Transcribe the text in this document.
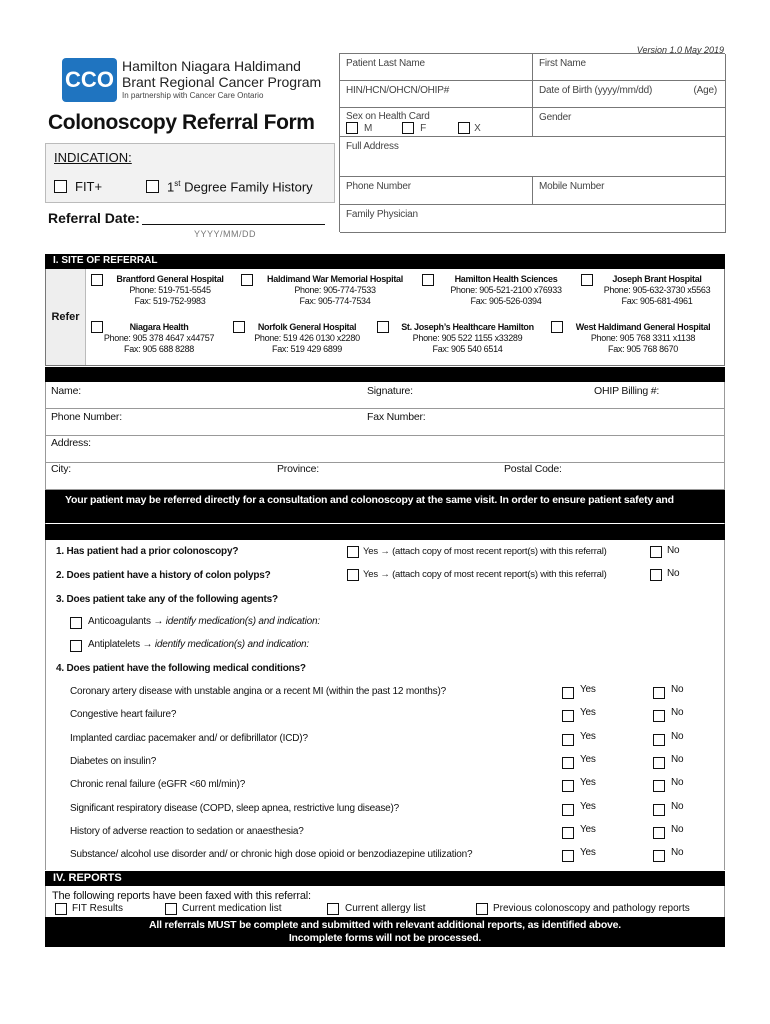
Version 1.0 May 2019
CCO
Hamilton Niagara Haldimand
Brant Regional Cancer Program
In partnership with Cancer Care Ontario
Colonoscopy Referral Form
INDICATION:
FIT+	1st Degree Family History
Referral Date:
YYYY/MM/DD
Patient Last Name	First Name
HIN/HCN/OHCN/OHIP#	Date of Birth (yyyy/mm/dd)	(Age)
Sex on Health Card
M	F	X
Gender
Full Address
Phone Number	Mobile Number
Family Physician
I. SITE OF REFERRAL
Refer
Brantford General Hospital
Phone: 519-751-5545
Fax: 519-752-9983
Haldimand War Memorial Hospital
Phone: 905-774-7533
Fax: 905-774-7534
Hamilton Health Sciences
Phone: 905-521-2100 x76933
Fax: 905-526-0394
Joseph Brant Hospital
Phone: 905-632-3730 x5563
Fax: 905-681-4961
Niagara Health
Phone: 905 378 4647 x44757
Fax: 905 688 8288
Norfolk General Hospital
Phone: 519 426 0130 x2280
Fax: 519 429 6899
St. Joseph’s Healthcare Hamilton
Phone: 905 522 1155 x33289
Fax: 905 540 6514
West Haldimand General Hospital
Phone: 905 768 3311 x1138
Fax: 905 768 8670
Name:	Signature:	OHIP Billing #:
Phone Number:	Fax Number:
Address:
City:	Province:	Postal Code:
Your patient may be referred directly for a consultation and colonoscopy at the same visit. In order to ensure patient safety and
1. Has patient had a prior colonoscopy?	Yes → (attach copy of most recent report(s) with this referral)	No
2. Does patient have a history of colon polyps?	Yes → (attach copy of most recent report(s) with this referral)	No
3. Does patient take any of the following agents?
Anticoagulants → identify medication(s) and indication:
Antiplatelets → identify medication(s) and indication:
4. Does patient have the following medical conditions?
Coronary artery disease with unstable angina or a recent MI (within the past 12 months)?	Yes	No
Congestive heart failure?	Yes	No
Implanted cardiac pacemaker and/ or defibrillator (ICD)?	Yes	No
Diabetes on insulin?	Yes	No
Chronic renal failure (eGFR <60 ml/min)?	Yes	No
Significant respiratory disease (COPD, sleep apnea, restrictive lung disease)?	Yes	No
History of adverse reaction to sedation or anaesthesia?	Yes	No
Substance/ alcohol use disorder and/ or chronic high dose opioid or benzodiazepine utilization?	Yes	No
IV. REPORTS
The following reports have been faxed with this referral:
FIT Results	Current medication list	Current allergy list	Previous colonoscopy and pathology reports
All referrals MUST be complete and submitted with relevant additional reports, as identified above.
Incomplete forms will not be processed.
